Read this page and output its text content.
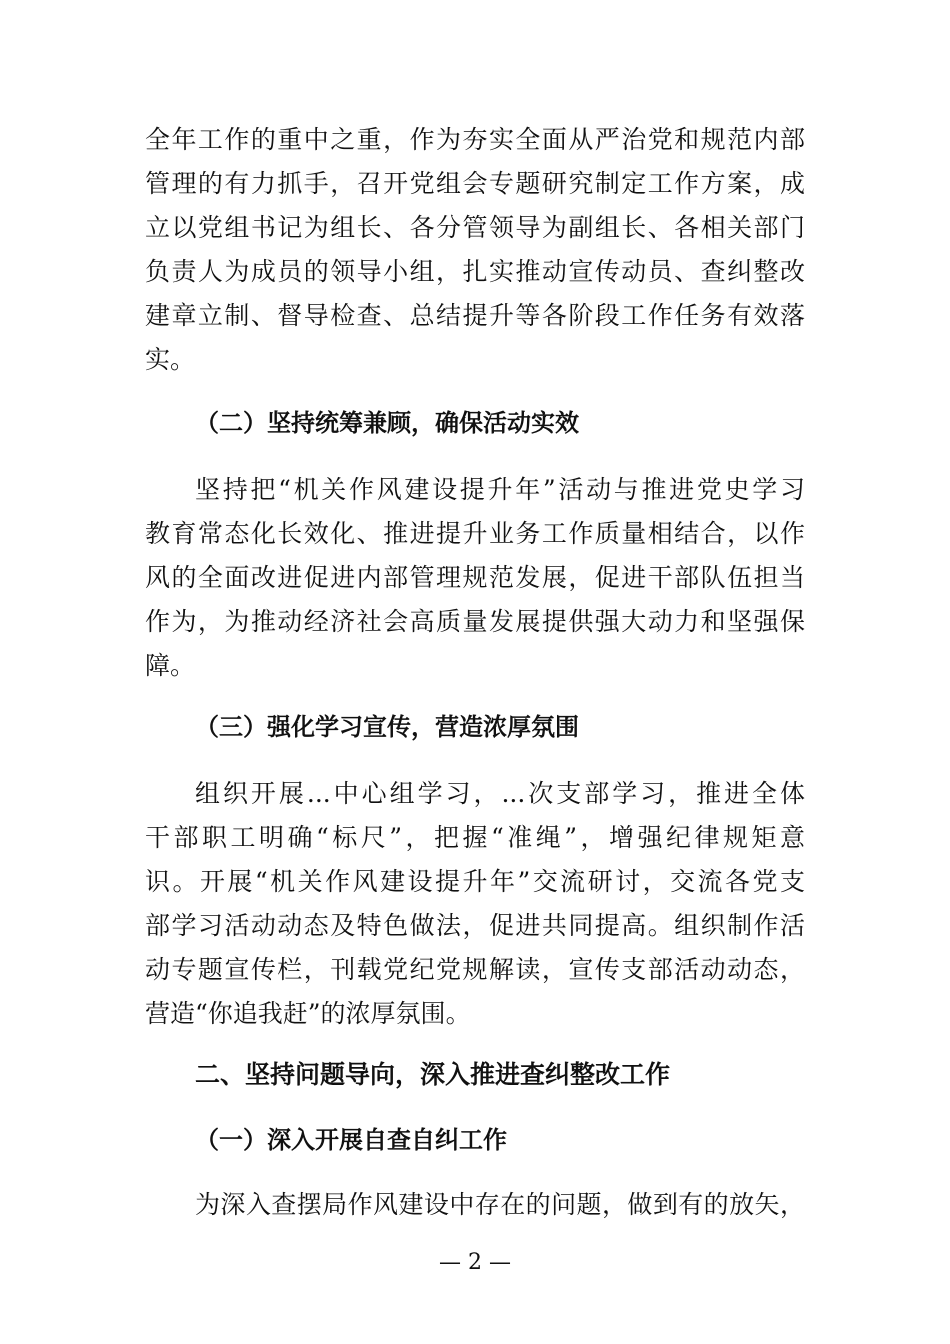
全年工作的重中之重，作为夯实全面从严治党和规范内部
管理的有力抓手，召开党组会专题研究制定工作方案，成
立以党组书记为组长、各分管领导为副组长、各相关部门
负责人为成员的领导小组，扎实推动宣传动员、查纠整改
建章立制、督导检查、总结提升等各阶段工作任务有效落
实。
（二）坚持统筹兼顾，确保活动实效
坚持把“机关作风建设提升年”活动与推进党史学习
教育常态化长效化、推进提升业务工作质量相结合，以作
风的全面改进促进内部管理规范发展，促进干部队伍担当
作为，为推动经济社会高质量发展提供强大动力和坚强保
障。
（三）强化学习宣传，营造浓厚氛围
组织开展...中心组学习，...次支部学习，推进全体
干部职工明确“标尺”，把握“准绳”，增强纪律规矩意
识。开展“机关作风建设提升年”交流研讨，交流各党支
部学习活动动态及特色做法，促进共同提高。组织制作活
动专题宣传栏，刊载党纪党规解读，宣传支部活动动态，
营造“你追我赶”的浓厚氛围。
二、坚持问题导向，深入推进查纠整改工作
（一）深入开展自查自纠工作
为深入查摆局作风建设中存在的问题，做到有的放矢，
— 2 —
